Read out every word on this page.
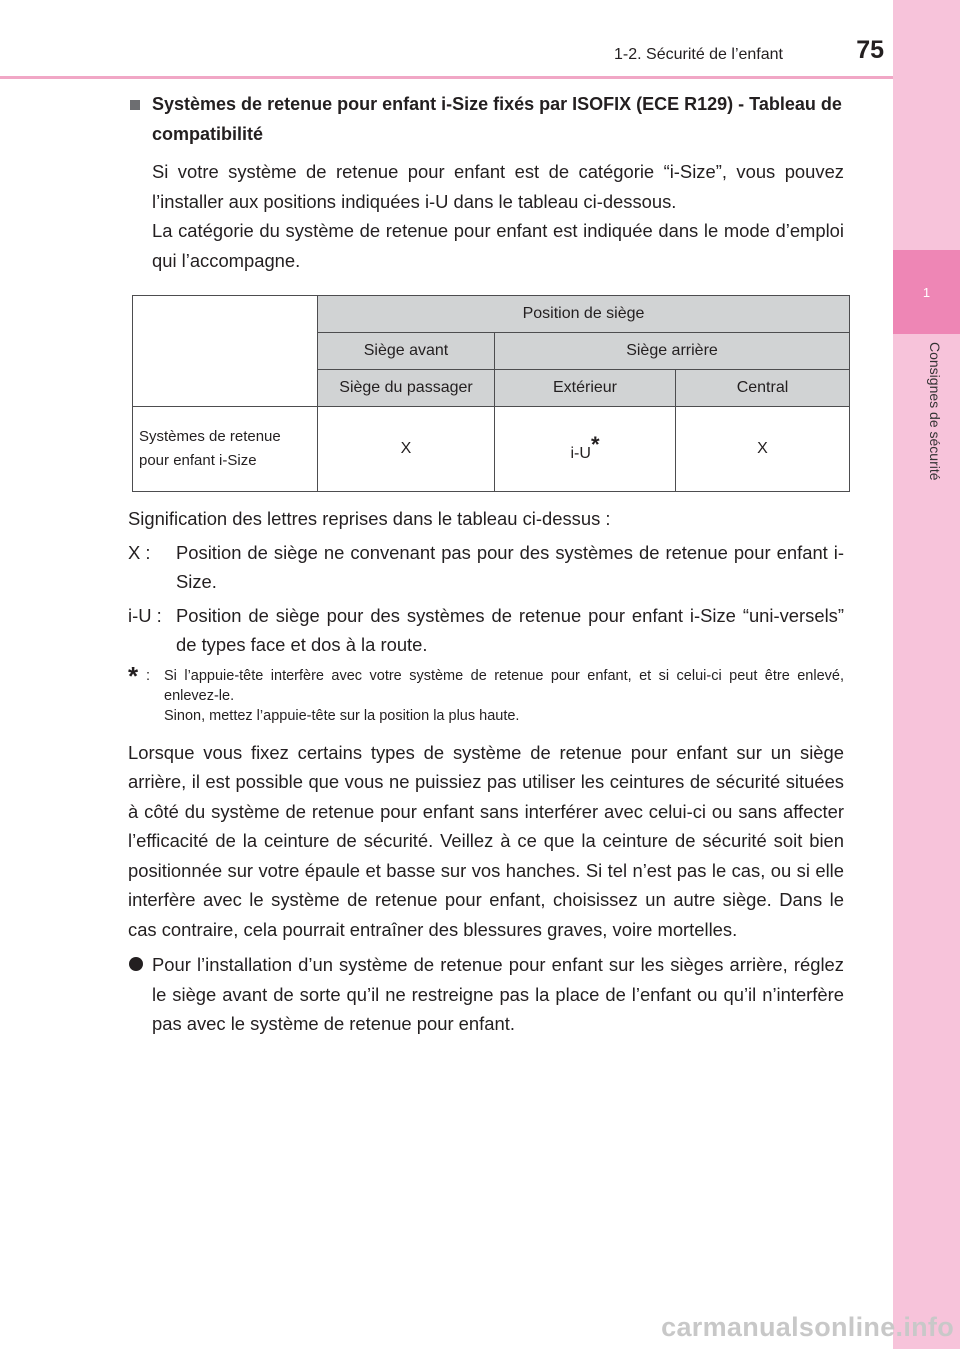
1-2. Sécurité de l’enfant	75
1
Consignes de sécurité
Systèmes de retenue pour enfant i-Size fixés par ISOFIX (ECE R129) - Tableau de compatibilité

Si votre système de retenue pour enfant est de catégorie “i-Size”, vous pouvez l’installer aux positions indiquées i-U dans le tableau ci-dessous.

La catégorie du système de retenue pour enfant est indiquée dans le mode d’emploi qui l’accompagne.

	Position de siège		
	Siège avant	Siège arrière	
	Siège du passager	Extérieur	Central
Systèmes de retenue pour enfant i-Size	X	i-U*	X

Signification des lettres reprises dans le tableau ci-dessus :

X :	Position de siège ne convenant pas pour des systèmes de retenue pour enfant i-Size.
i-U : Position de siège pour des systèmes de retenue pour enfant i-Size “uni-versels” de types face et dos à la route.
* : Si l’appuie-tête interfère avec votre système de retenue pour enfant, et si celui-ci peut être enlevé, enlevez-le.
Sinon, mettez l’appuie-tête sur la position la plus haute.

Lorsque vous fixez certains types de système de retenue pour enfant sur un siège arrière, il est possible que vous ne puissiez pas utiliser les ceintures de sécurité situées à côté du système de retenue pour enfant sans interférer avec celui-ci ou sans affecter l’efficacité de la ceinture de sécurité. Veillez à ce que la ceinture de sécurité soit bien positionnée sur votre épaule et basse sur vos hanches. Si tel n’est pas le cas, ou si elle interfère avec le système de retenue pour enfant, choisissez un autre siège. Dans le cas contraire, cela pourrait entraîner des blessures graves, voire mortelles.

Pour l’installation d’un système de retenue pour enfant sur les sièges arrière, réglez le siège avant de sorte qu’il ne restreigne pas la place de l’enfant ou qu’il n’interfère pas avec le système de retenue pour enfant.
carmanualsonline.info
